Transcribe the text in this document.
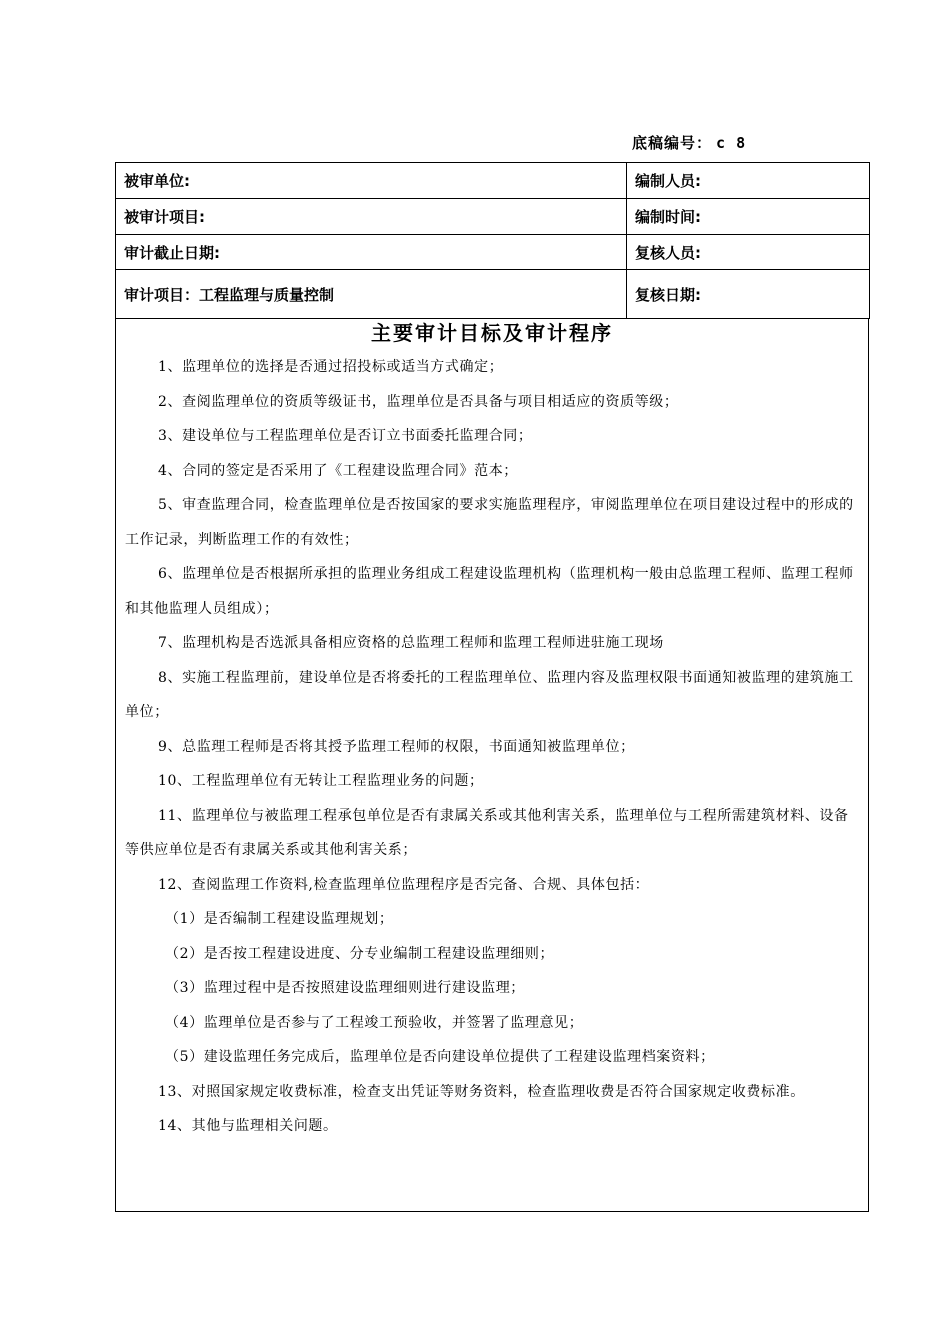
底稿编号： c 8
被审单位:	编制人员:
被审计项目:	编制时间:
审计截止日期:	复核人员:
审计项目：工程监理与质量控制	复核日期:
主要审计目标及审计程序

1、监理单位的选择是否通过招投标或适当方式确定；

2、查阅监理单位的资质等级证书，监理单位是否具备与项目相适应的资质等级；

3、建设单位与工程监理单位是否订立书面委托监理合同；

4、合同的签定是否采用了《工程建设监理合同》范本；

5、审查监理合同，检查监理单位是否按国家的要求实施监理程序，审阅监理单位在项目建设过程中的形成的工作记录，判断监理工作的有效性；

6、监理单位是否根据所承担的监理业务组成工程建设监理机构（监理机构一般由总监理工程师、监理工程师和其他监理人员组成）；

7、监理机构是否选派具备相应资格的总监理工程师和监理工程师进驻施工现场

8、实施工程监理前，建设单位是否将委托的工程监理单位、监理内容及监理权限书面通知被监理的建筑施工单位；

9、总监理工程师是否将其授予监理工程师的权限，书面通知被监理单位；

10、工程监理单位有无转让工程监理业务的问题；

11、监理单位与被监理工程承包单位是否有隶属关系或其他利害关系，监理单位与工程所需建筑材料、设备等供应单位是否有隶属关系或其他利害关系；

12、查阅监理工作资料,检查监理单位监理程序是否完备、合规、具体包括：

（1）是否编制工程建设监理规划；

（2）是否按工程建设进度、分专业编制工程建设监理细则；

（3）监理过程中是否按照建设监理细则进行建设监理；

（4）监理单位是否参与了工程竣工预验收，并签署了监理意见；

（5）建设监理任务完成后，监理单位是否向建设单位提供了工程建设监理档案资料；

13、对照国家规定收费标准，检查支出凭证等财务资料，检查监理收费是否符合国家规定收费标准。

14、其他与监理相关问题。
